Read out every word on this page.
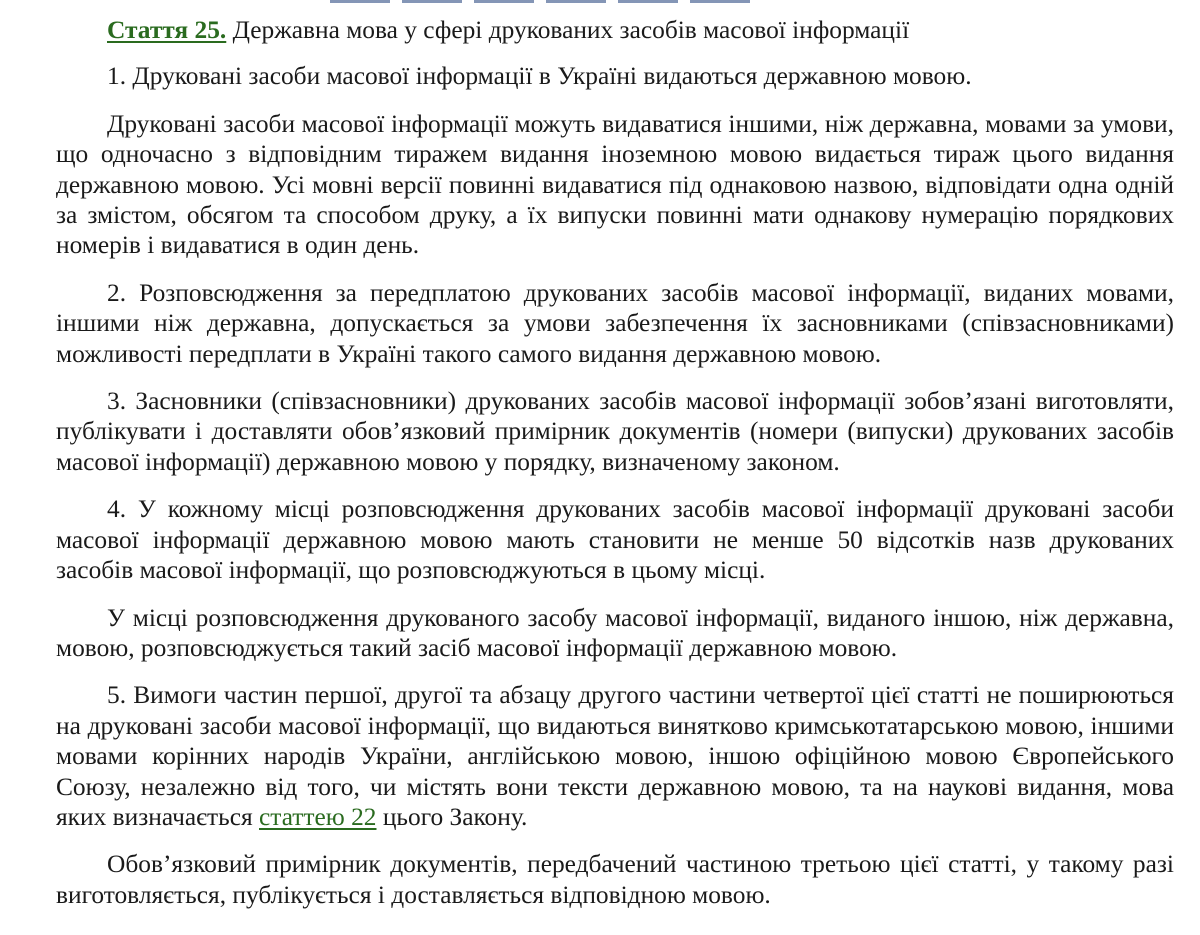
Стаття 25. Державна мова у сфері друкованих засобів масової інформації

1. Друковані засоби масової інформації в Україні видаються державною мовою.

Друковані засоби масової інформації можуть видаватися іншими, ніж державна, мовами за умови, що одночасно з відповідним тиражем видання іноземною мовою видається тираж цього видання державною мовою. Усі мовні версії повинні видаватися під однаковою назвою, відповідати одна одній за змістом, обсягом та способом друку, а їх випуски повинні мати однакову нумерацію порядкових номерів і видаватися в один день.

2. Розповсюдження за передплатою друкованих засобів масової інформації, виданих мовами, іншими ніж державна, допускається за умови забезпечення їх засновниками (співзасновниками) можливості передплати в Україні такого самого видання державною мовою.

3. Засновники (співзасновники) друкованих засобів масової інформації зобов’язані виготовляти, публікувати і доставляти обов’язковий примірник документів (номери (випуски) друкованих засобів масової інформації) державною мовою у порядку, визначеному законом.

4. У кожному місці розповсюдження друкованих засобів масової інформації друковані засоби масової інформації державною мовою мають становити не менше 50 відсотків назв друкованих засобів масової інформації, що розповсюджуються в цьому місці.

У місці розповсюдження друкованого засобу масової інформації, виданого іншою, ніж державна, мовою, розповсюджується такий засіб масової інформації державною мовою.

5. Вимоги частин першої, другої та абзацу другого частини четвертої цієї статті не поширюються на друковані засоби масової інформації, що видаються винятково кримськотатарською мовою, іншими мовами корінних народів України, англійською мовою, іншою офіційною мовою Європейського Союзу, незалежно від того, чи містять вони тексти державною мовою, та на наукові видання, мова яких визначається статтею 22 цього Закону.

Обов’язковий примірник документів, передбачений частиною третьою цієї статті, у такому разі виготовляється, публікується і доставляється відповідною мовою.
